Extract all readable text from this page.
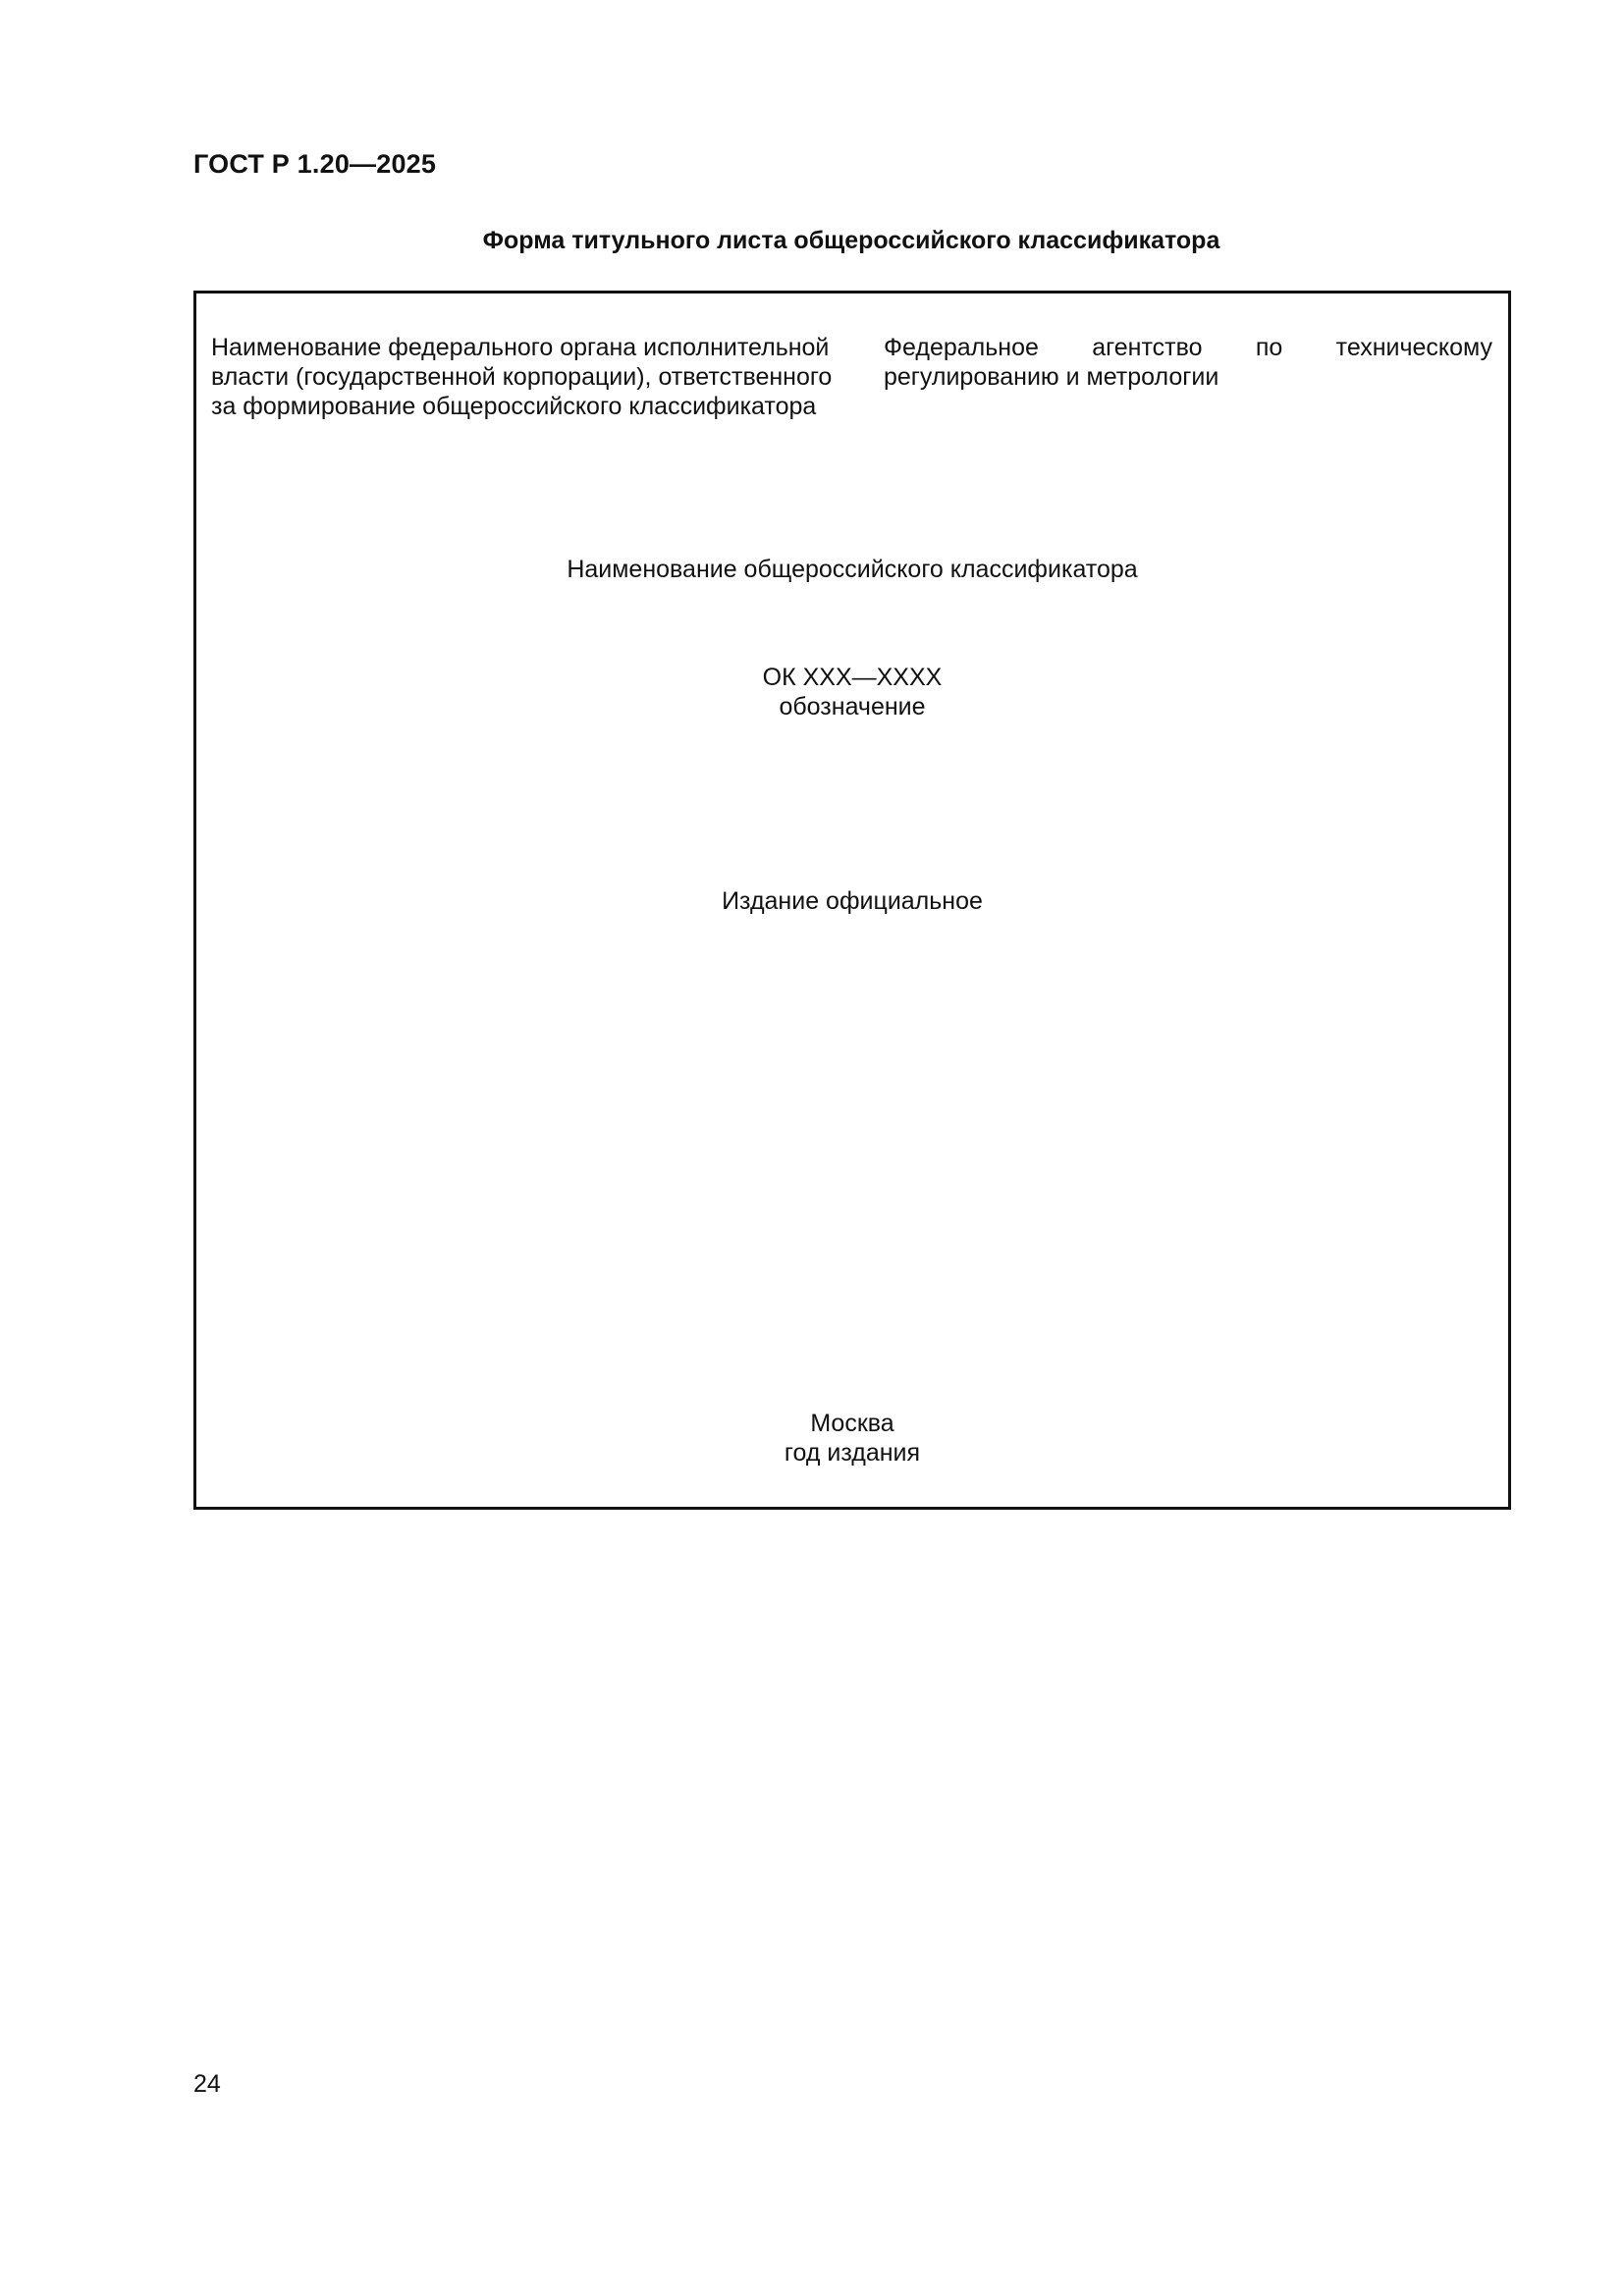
ГОСТ Р 1.20—2025
Форма титульного листа общероссийского классификатора
Наименование федерального органа исполнительной власти (государственной корпорации), ответственного за формирование общероссийского классификатора
Федеральное агентство по техническому регулированию и метрологии
Наименование общероссийского классификатора
ОК XXX—XXXX
обозначение
Издание официальное
Москва
год издания
24
